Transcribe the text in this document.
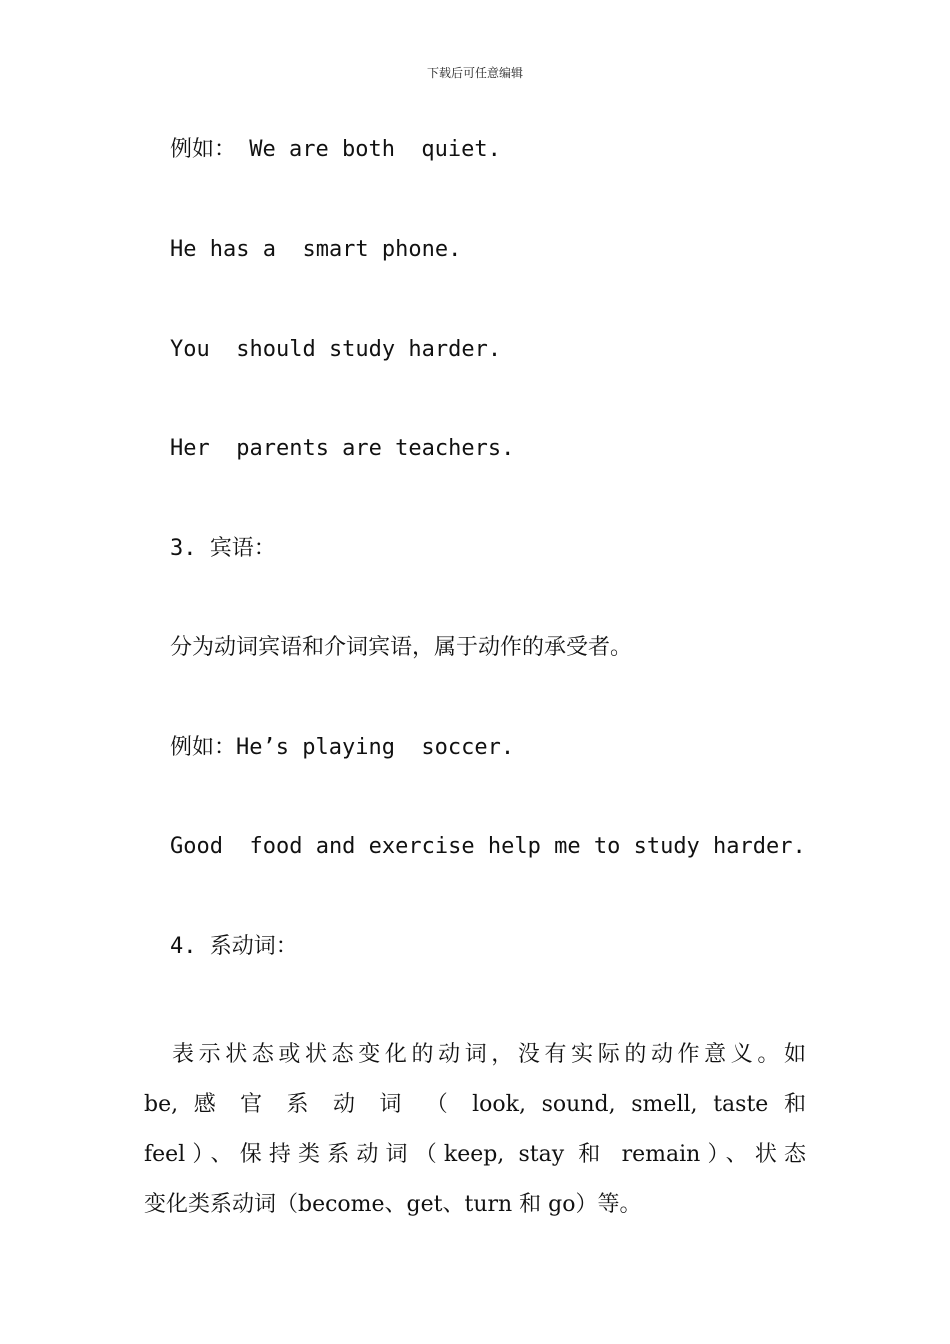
下载后可任意编辑
例如： We are both  quiet.
He has a  smart phone.
You  should study harder.
Her  parents are teachers.
3. 宾语：
分为动词宾语和介词宾语，属于动作的承受者。
例如：He’s playing  soccer.
Good  food and exercise help me to study harder.
4. 系动词：
表示状态或状态变化的动词，没有实际的动作意义。如
be, 感 官 系 动 词 （ look, sound, smell, taste 和
feel）、保持类系动词（keep, stay 和 remain）、状态
变化类系动词（become、get、turn 和 go）等。
